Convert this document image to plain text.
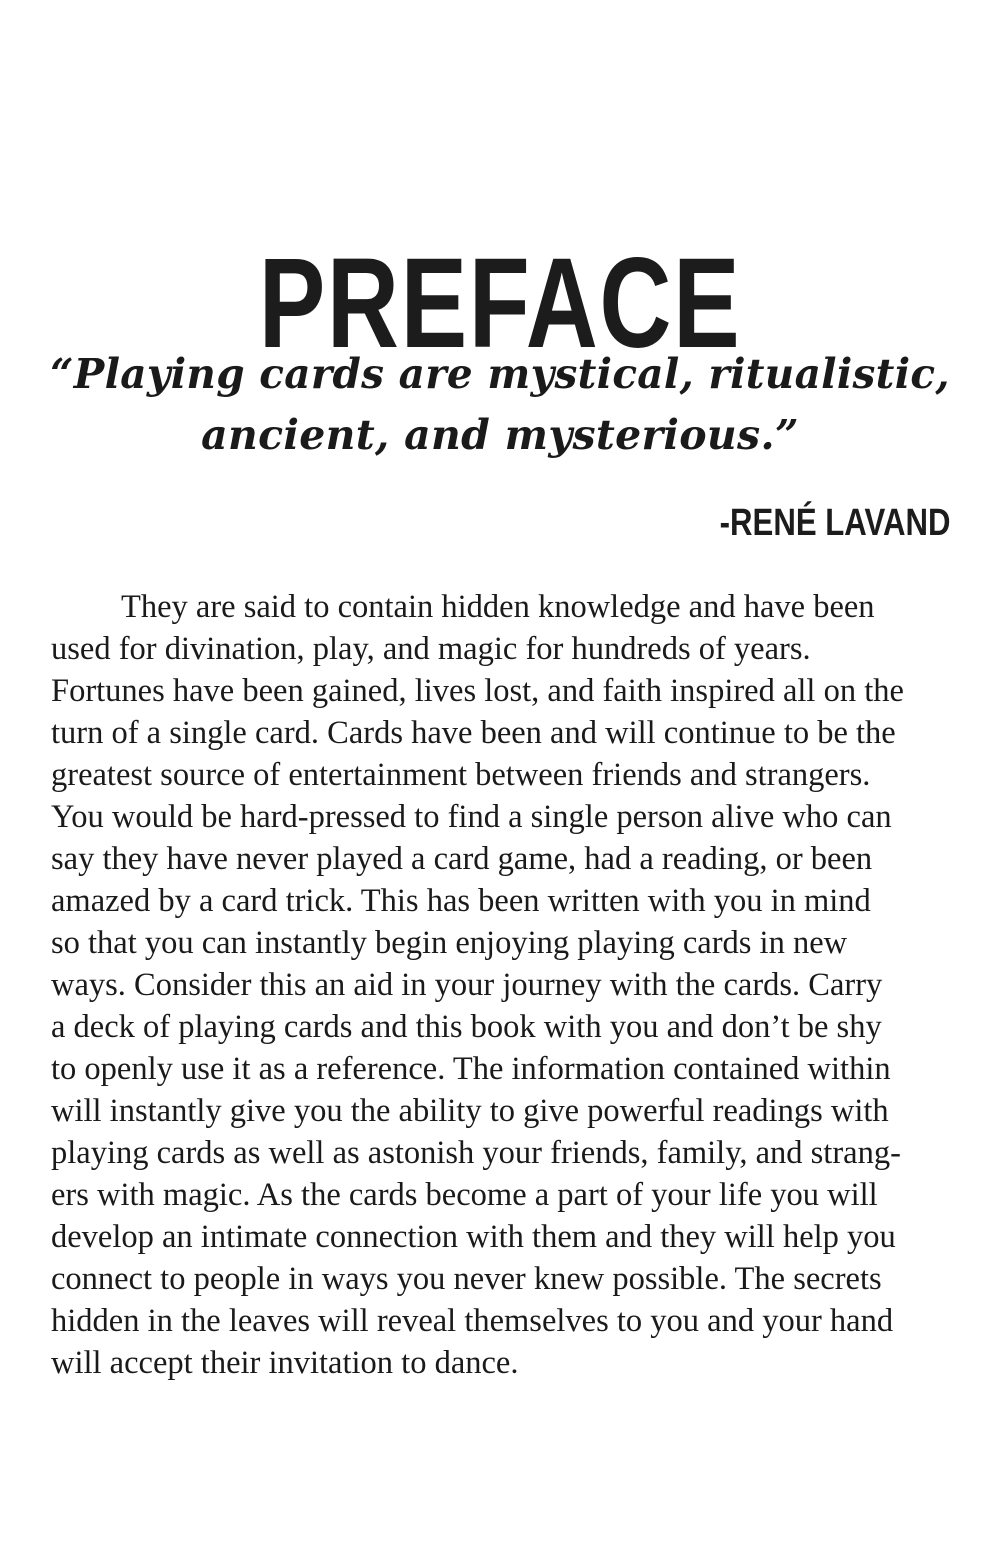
PREFACE
“Playing cards are mystical, ritualistic,
ancient, and mysterious.”
-RENÉ LAVAND
They are said to contain hidden knowledge and have been
used for divination, play, and magic for hundreds of years.
Fortunes have been gained, lives lost, and faith inspired all on the
turn of a single card. Cards have been and will continue to be the
greatest source of entertainment between friends and strangers.
You would be hard-pressed to find a single person alive who can
say they have never played a card game, had a reading, or been
amazed by a card trick. This has been written with you in mind
so that you can instantly begin enjoying playing cards in new
ways. Consider this an aid in your journey with the cards. Carry
a deck of playing cards and this book with you and don’t be shy
to openly use it as a reference. The information contained within
will instantly give you the ability to give powerful readings with
playing cards as well as astonish your friends, family, and strang-
ers with magic. As the cards become a part of your life you will
develop an intimate connection with them and they will help you
connect to people in ways you never knew possible. The secrets
hidden in the leaves will reveal themselves to you and your hand
will accept their invitation to dance.
